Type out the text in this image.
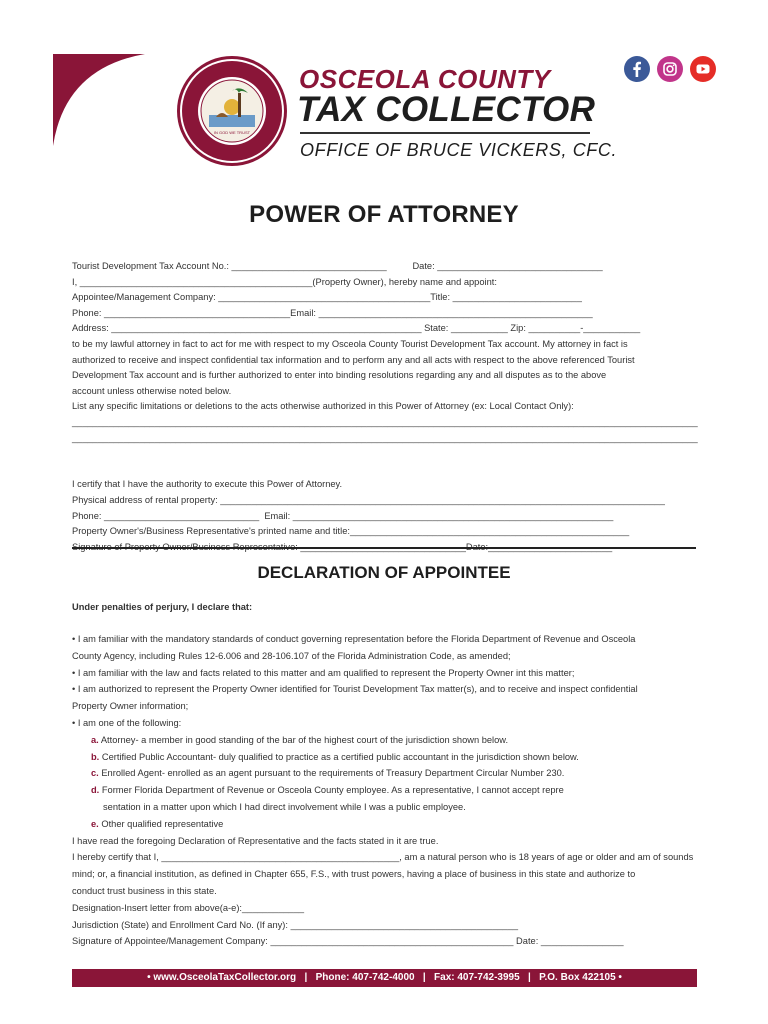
IN GOD WE TRUST
OSCEOLA COUNTY
TAX COLLECTOR
OFFICE OF BRUCE VICKERS, CFC.
POWER OF ATTORNEY
Tourist Development Tax Account No.: ______________________________          Date: ________________________________
I, _____________________________________________(Property Owner), hereby name and appoint:
Appointee/Management Company: _________________________________________Title: _________________________
Phone: ____________________________________Email: _____________________________________________________
Address: ____________________________________________________________ State: ___________ Zip: __________-___________
to be my lawful attorney in fact to act for me with respect to my Osceola County Tourist Development Tax account. My attorney in fact is
authorized to receive and inspect confidential tax information and to perform any and all acts with respect to the above referenced Tourist
Development Tax account and is further authorized to enter into binding resolutions regarding any and all disputes as to the above
account unless otherwise noted below.
List any specific limitations or deletions to the acts otherwise authorized in this Power of Attorney (ex: Local Contact Only):
_________________________________________________________________________________________________________________________
_________________________________________________________________________________________________________________________
I certify that I have the authority to execute this Power of Attorney.
Physical address of rental property: ______________________________________________________________________________________
Phone: ______________________________  Email: ______________________________________________________________
Property Owner's/Business Representative's printed name and title:______________________________________________________
DECLARATION OF APPOINTEE
Under penalties of perjury, I declare that:
• I am familiar with the mandatory standards of conduct governing representation before the Florida Department of Revenue and Osceola
County Agency, including Rules 12-6.006 and 28-106.107 of the Florida Administration Code, as amended;
• I am familiar with the law and facts related to this matter and am qualified to represent the Property Owner int this matter;
• I am authorized to represent the Property Owner identified for Tourist Development Tax matter(s), and to receive and inspect confidential
Property Owner information;
• I am one of the following:
a. Attorney- a member in good standing of the bar of the highest court of the jurisdiction shown below.
b. Certified Public Accountant- duly qualified to practice as a certified public accountant in the jurisdiction shown below.
c. Enrolled Agent- enrolled as an agent pursuant to the requirements of Treasury Department Circular Number 230.
d. Former Florida Department of Revenue or Osceola County employee. As a representative, I cannot accept repre
sentation in a matter upon which I had direct involvement while I was a public employee.
e. Other qualified representative
I have read the foregoing Declaration of Representative and the facts stated in it are true.
I hereby certify that I, ______________________________________________, am a natural person who is 18 years of age or older and am of sounds
mind; or, a financial institution, as defined in Chapter 655, F.S., with trust powers, having a place of business in this state and authorize to
conduct trust business in this state.
Designation-Insert letter from above(a-e):____________
Jurisdiction (State) and Enrollment Card No. (If any): ____________________________________________
Signature of Appointee/Management Company: _______________________________________________ Date: ________________
• www.OsceolaTaxCollector.org   |   Phone: 407-742-4000   |   Fax: 407-742-3995   |   P.O. Box 422105 •
